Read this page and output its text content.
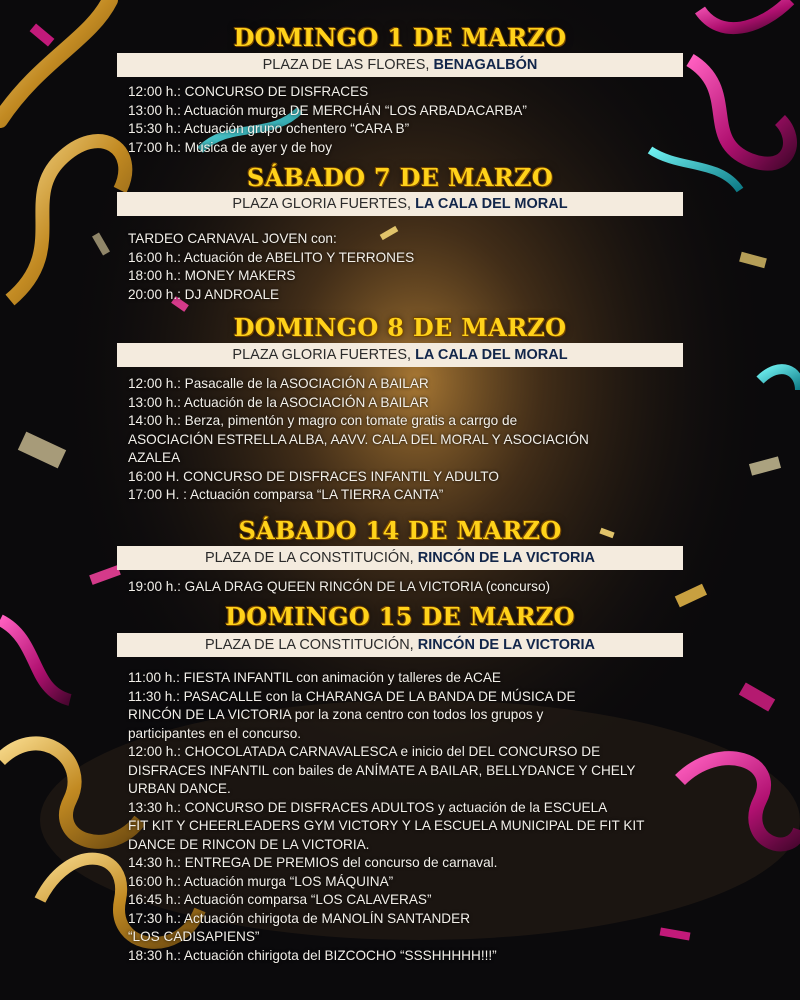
DOMINGO 1 DE MARZO
PLAZA DE LAS FLORES, BENAGALBÓN
12:00 h.: CONCURSO DE DISFRACES
13:00 h.: Actuación murga DE MERCHÁN “LOS ARBADACARBA”
15:30 h.: Actuación grupo ochentero “CARA B”
17:00 h.: Música de ayer y de hoy
SÁBADO 7 DE MARZO
PLAZA GLORIA FUERTES, LA CALA DEL MORAL
TARDEO CARNAVAL JOVEN con:
16:00 h.: Actuación de ABELITO Y TERRONES
18:00 h.: MONEY MAKERS
20:00 h.: DJ ANDROALE
DOMINGO 8 DE MARZO
PLAZA GLORIA FUERTES, LA CALA DEL MORAL
12:00 h.: Pasacalle de la ASOCIACIÓN A BAILAR
13:00 h.: Actuación de la ASOCIACIÓN A BAILAR
14:00 h.: Berza, pimentón y magro con tomate gratis a carrgo de
ASOCIACIÓN ESTRELLA ALBA, AAVV. CALA DEL MORAL Y ASOCIACIÓN
AZALEA
16:00 H. CONCURSO DE DISFRACES INFANTIL Y ADULTO
17:00 H. : Actuación comparsa “LA TIERRA CANTA”
SÁBADO 14 DE MARZO
PLAZA DE LA CONSTITUCIÓN, RINCÓN DE LA VICTORIA
19:00 h.: GALA DRAG QUEEN RINCÓN DE LA VICTORIA (concurso)
DOMINGO 15 DE MARZO
PLAZA DE LA CONSTITUCIÓN, RINCÓN DE LA VICTORIA
11:00 h.: FIESTA INFANTIL con animación y talleres de ACAE
11:30 h.: PASACALLE con la CHARANGA DE LA BANDA DE MÚSICA DE
RINCÓN DE LA VICTORIA por la zona centro con todos los grupos y
participantes en el concurso.
12:00 h.: CHOCOLATADA CARNAVALESCA e inicio del DEL CONCURSO DE
DISFRACES INFANTIL con bailes de ANÍMATE A BAILAR, BELLYDANCE Y CHELY
URBAN DANCE.
13:30 h.: CONCURSO DE DISFRACES ADULTOS y actuación de la ESCUELA
FIT KIT Y CHEERLEADERS GYM VICTORY Y LA ESCUELA MUNICIPAL DE FIT KIT
DANCE DE RINCON DE LA VICTORIA.
14:30 h.: ENTREGA DE PREMIOS del concurso de carnaval.
16:00 h.: Actuación murga “LOS MÁQUINA”
16:45 h.: Actuación comparsa “LOS CALAVERAS”
17:30 h.: Actuación chirigota de MANOLÍN SANTANDER
“LOS CADISAPIENS”
18:30 h.: Actuación chirigota del BIZCOCHO “SSSHHHHH!!!”
